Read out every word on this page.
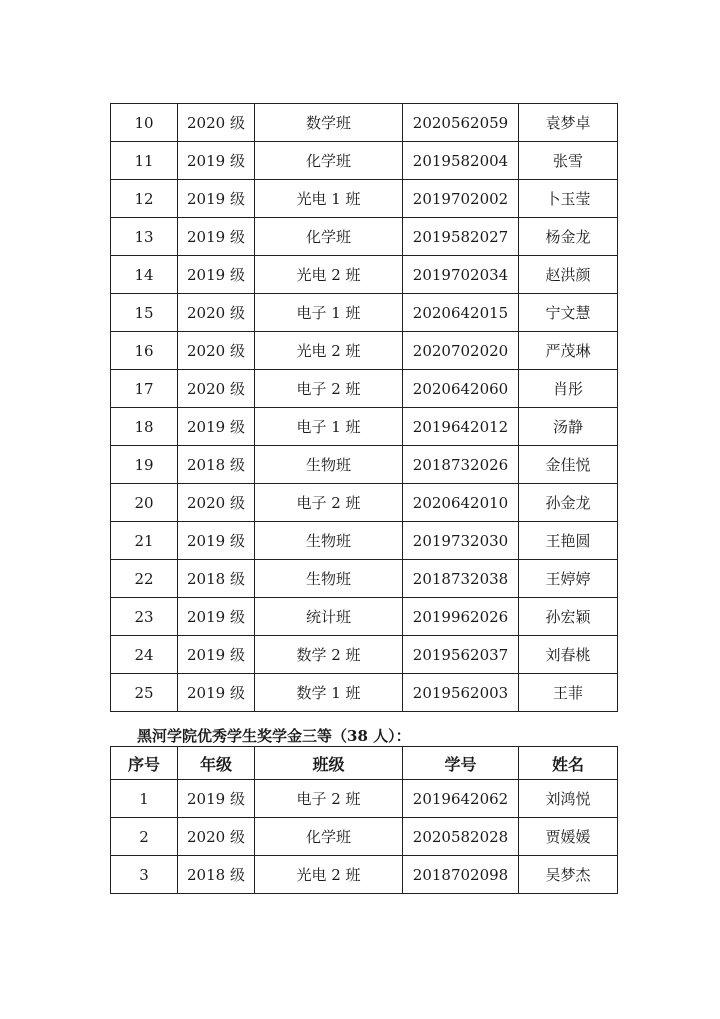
10	2020 级	数学班	2020562059	袁梦卓
11	2019 级	化学班	2019582004	张雪
12	2019 级	光电 1 班	2019702002	卜玉莹
13	2019 级	化学班	2019582027	杨金龙
14	2019 级	光电 2 班	2019702034	赵洪颜
15	2020 级	电子 1 班	2020642015	宁文慧
16	2020 级	光电 2 班	2020702020	严茂琳
17	2020 级	电子 2 班	2020642060	肖彤
18	2019 级	电子 1 班	2019642012	汤静
19	2018 级	生物班	2018732026	金佳悦
20	2020 级	电子 2 班	2020642010	孙金龙
21	2019 级	生物班	2019732030	王艳圆
22	2018 级	生物班	2018732038	王婷婷
23	2019 级	统计班	2019962026	孙宏颖
24	2019 级	数学 2 班	2019562037	刘春桃
25	2019 级	数学 1 班	2019562003	王菲

黑河学院优秀学生奖学金三等（38 人）：

序号	年级	班级	学号	姓名
1	2019 级	电子 2 班	2019642062	刘鸿悦
2	2020 级	化学班	2020582028	贾媛媛
3	2018 级	光电 2 班	2018702098	吴梦杰
